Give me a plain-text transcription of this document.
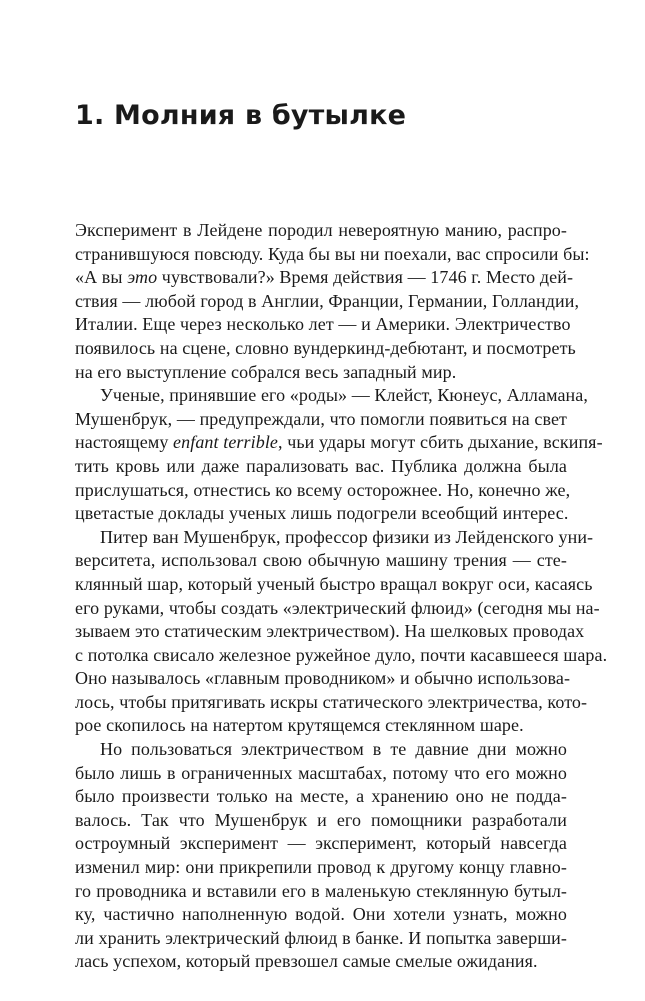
1. Молния в бутылке
Эксперимент в Лейдене породил невероятную манию, распро-
странившуюся повсюду. Куда бы вы ни поехали, вас спросили бы:
«А вы это чувствовали?» Время действия — 1746 г. Место дей-
ствия — любой город в Англии, Франции, Германии, Голландии,
Италии. Еще через несколько лет — и Америки. Электричество
появилось на сцене, словно вундеркинд-дебютант, и посмотреть
на его выступление собрался весь западный мир.
Ученые, принявшие его «роды» — Клейст, Кюнеус, Алламана,
Мушенбрук, — предупреждали, что помогли появиться на свет
настоящему enfant terrible, чьи удары могут сбить дыхание, вскипя-
тить кровь или даже парализовать вас. Публика должна была
прислушаться, отнестись ко всему осторожнее. Но, конечно же,
цветастые доклады ученых лишь подогрели всеобщий интерес.
Питер ван Мушенбрук, профессор физики из Лейденского уни-
верситета, использовал свою обычную машину трения — сте-
клянный шар, который ученый быстро вращал вокруг оси, касаясь
его руками, чтобы создать «электрический флюид» (сегодня мы на-
зываем это статическим электричеством). На шелковых проводах
с потолка свисало железное ружейное дуло, почти касавшееся шара.
Оно называлось «главным проводником» и обычно использова-
лось, чтобы притягивать искры статического электричества, кото-
рое скопилось на натертом крутящемся стеклянном шаре.
Но пользоваться электричеством в те давние дни можно
было лишь в ограниченных масштабах, потому что его можно
было произвести только на месте, а хранению оно не подда-
валось. Так что Мушенбрук и его помощники разработали
остроумный эксперимент — эксперимент, который навсегда
изменил мир: они прикрепили провод к другому концу главно-
го проводника и вставили его в маленькую стеклянную бутыл-
ку, частично наполненную водой. Они хотели узнать, можно
ли хранить электрический флюид в банке. И попытка заверши-
лась успехом, который превзошел самые смелые ожидания.
